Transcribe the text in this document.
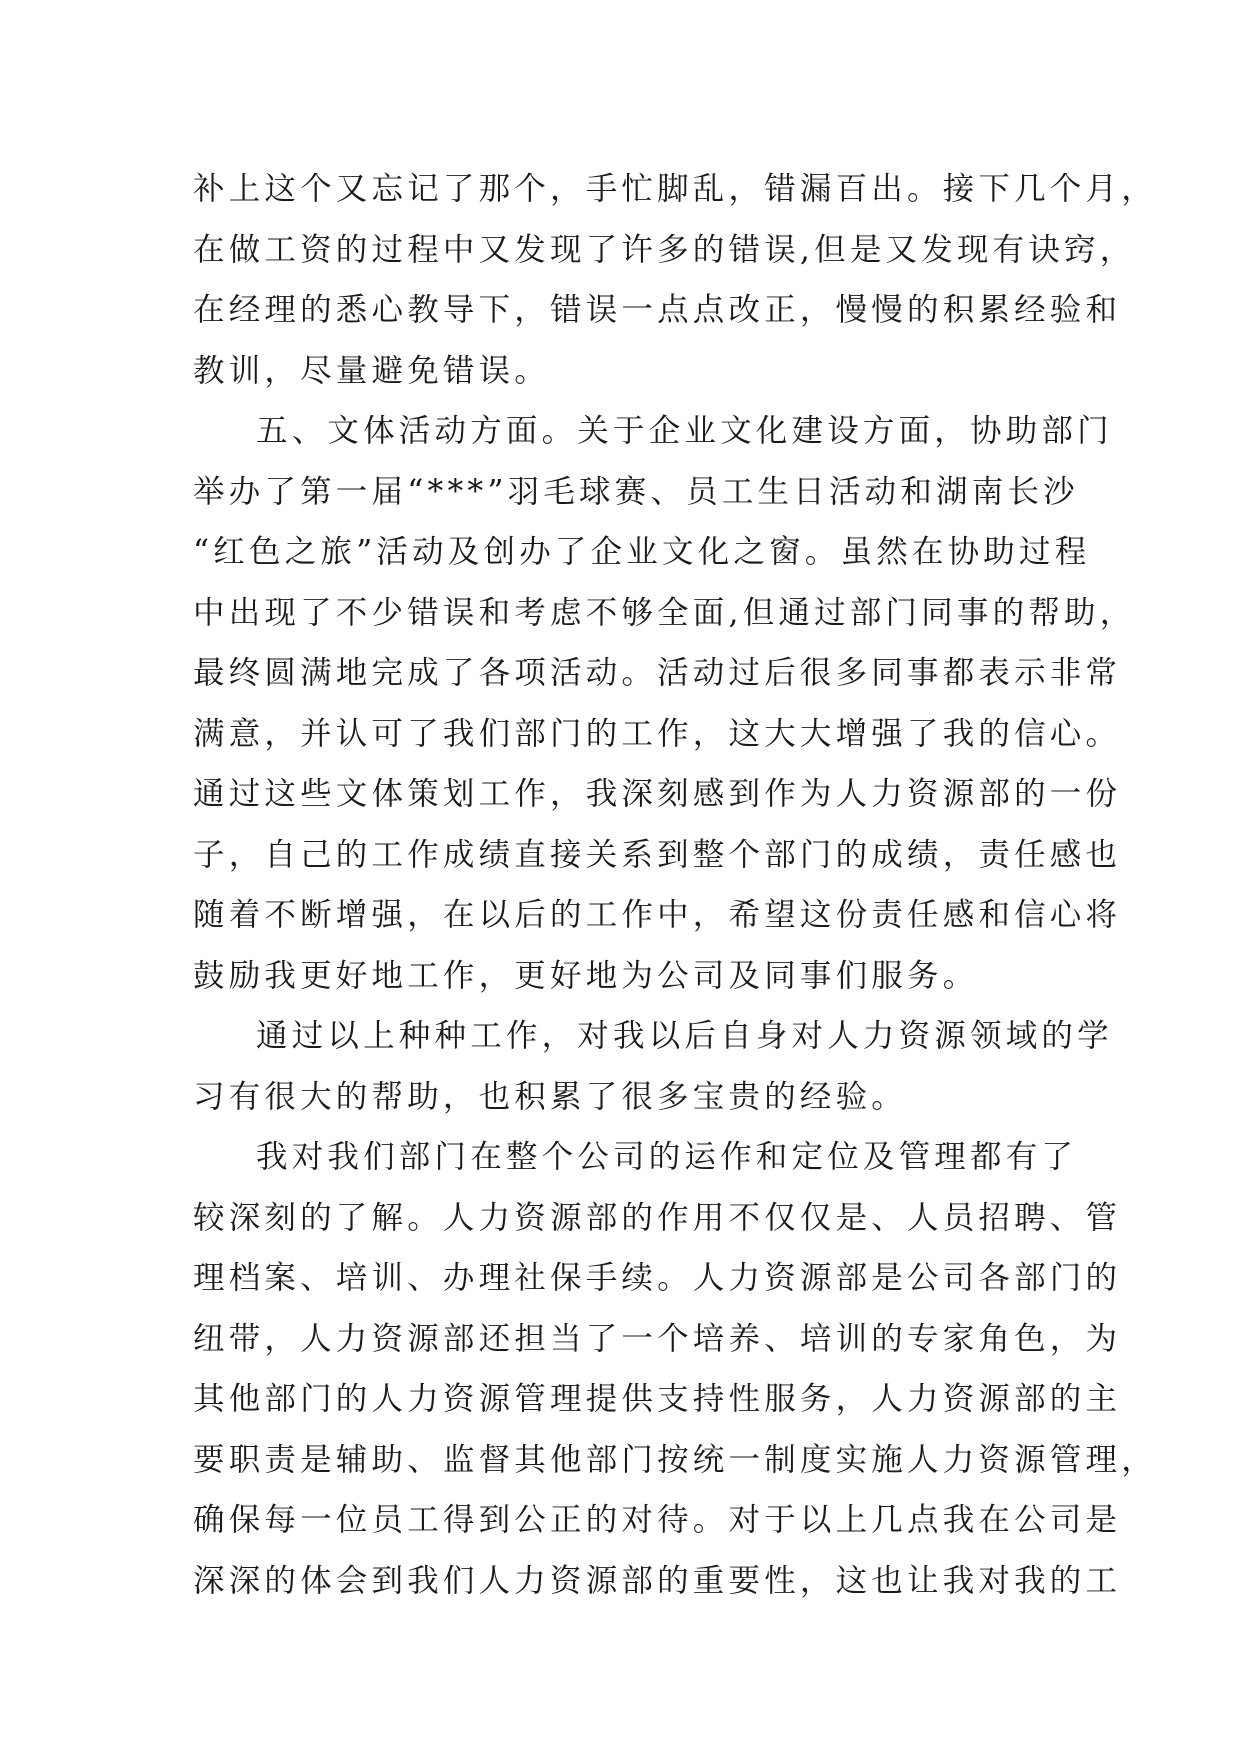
补上这个又忘记了那个，手忙脚乱，错漏百出。接下几个月，
在做工资的过程中又发现了许多的错误,但是又发现有诀窍，
在经理的悉心教导下，错误一点点改正，慢慢的积累经验和
教训，尽量避免错误。
五、文体活动方面。关于企业文化建设方面，协助部门
举办了第一届“***”羽毛球赛、员工生日活动和湖南长沙
“红色之旅”活动及创办了企业文化之窗。虽然在协助过程
中出现了不少错误和考虑不够全面,但通过部门同事的帮助，
最终圆满地完成了各项活动。活动过后很多同事都表示非常
满意，并认可了我们部门的工作，这大大增强了我的信心。
通过这些文体策划工作，我深刻感到作为人力资源部的一份
子，自己的工作成绩直接关系到整个部门的成绩，责任感也
随着不断增强，在以后的工作中，希望这份责任感和信心将
鼓励我更好地工作，更好地为公司及同事们服务。
通过以上种种工作，对我以后自身对人力资源领域的学
习有很大的帮助，也积累了很多宝贵的经验。
我对我们部门在整个公司的运作和定位及管理都有了
较深刻的了解。人力资源部的作用不仅仅是、人员招聘、管
理档案、培训、办理社保手续。人力资源部是公司各部门的
纽带，人力资源部还担当了一个培养、培训的专家角色，为
其他部门的人力资源管理提供支持性服务，人力资源部的主
要职责是辅助、监督其他部门按统一制度实施人力资源管理，
确保每一位员工得到公正的对待。对于以上几点我在公司是
深深的体会到我们人力资源部的重要性，这也让我对我的工
